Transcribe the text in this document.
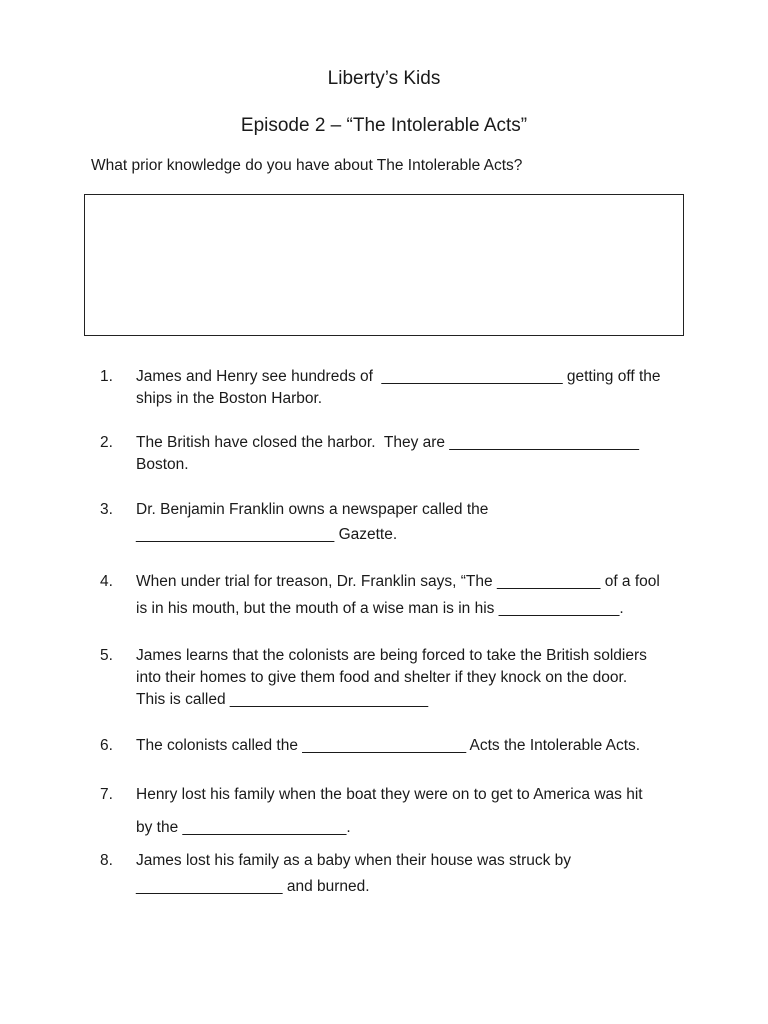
Liberty’s Kids
Episode 2 – “The Intolerable Acts”

What prior knowledge do you have about The Intolerable Acts?

1.	James and Henry see hundreds of  _____________________ getting off the
ships in the Boston Harbor.
2.	The British have closed the harbor.  They are ______________________
Boston.
3.	Dr. Benjamin Franklin owns a newspaper called the
_______________________ Gazette.
4.	When under trial for treason, Dr. Franklin says, “The ____________ of a fool
is in his mouth, but the mouth of a wise man is in his ______________.
5.	James learns that the colonists are being forced to take the British soldiers
into their homes to give them food and shelter if they knock on the door.
This is called _______________________
6.	The colonists called the ___________________ Acts the Intolerable Acts.
7.	Henry lost his family when the boat they were on to get to America was hit
by the ___________________.
8.	James lost his family as a baby when their house was struck by
_________________ and burned.
